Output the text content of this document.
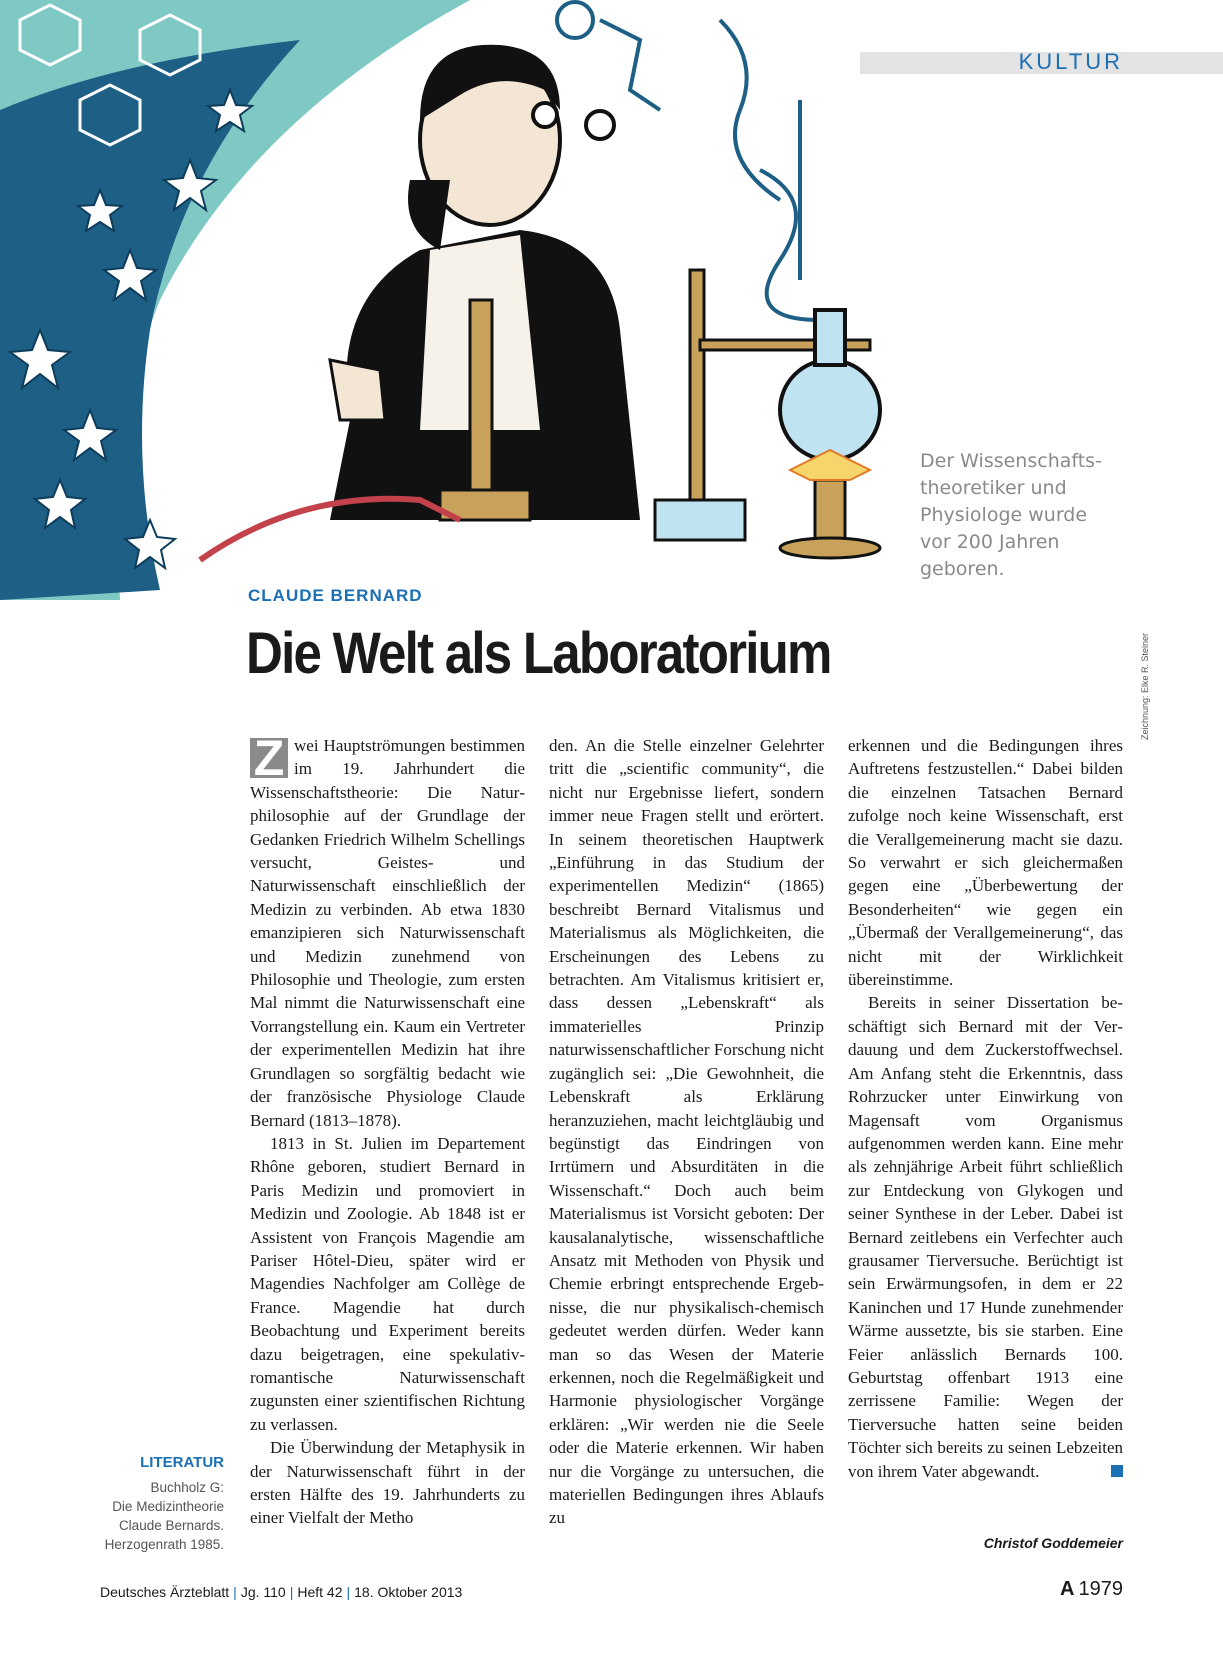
KULTUR
Der Wissenschafts-
theoretiker und
Physiologe wurde
vor 200 Jahren
geboren.
Zeichnung: Elke R. Steiner
CLAUDE BERNARD
Die Welt als Laboratorium

Z
wei Hauptströmungen bestimmen im 19. Jahrhundert die Wissenschaftstheorie: Die Naturphilosophie auf der Grundlage der Gedanken Friedrich Wilhelm Schellings versucht, Geistes- und Naturwissenschaft einschließlich der Medizin zu verbinden. Ab etwa 1830 emanzipieren sich Naturwissenschaft und Medizin zunehmend von Philosophie und Theologie, zum ersten Mal nimmt die Naturwissenschaft eine Vorrangstellung ein. Kaum ein Vertreter der experimentellen Medizin hat ihre Grundlagen so sorgfältig bedacht wie der französische Physiologe Claude Bernard (1813–1878).

1813 in St. Julien im Departement Rhône geboren, studiert Bernard in Paris Medizin und promoviert in Medizin und Zoologie. Ab 1848 ist er Assistent von François Magendie am Pariser Hôtel-Dieu, später wird er Magendies Nachfolger am Collège de France. Magendie hat durch Beobachtung und Experiment bereits dazu beigetragen, eine spekulativ-romantische Naturwissenschaft zugunsten einer szientifischen Richtung zu verlassen.

Die Überwindung der Metaphysik in der Naturwissenschaft führt in der ersten Hälfte des 19. Jahrhunderts zu einer Vielfalt der Metho

den. An die Stelle einzelner Gelehrter tritt die „scientific community“, die nicht nur Ergebnisse liefert, sondern immer neue Fragen stellt und erörtert. In seinem theoretischen Hauptwerk „Einführung in das Studium der experimentellen Medizin“ (1865) beschreibt Bernard Vitalismus und Materialismus als Möglichkeiten, die Erscheinungen des Lebens zu betrachten. Am Vitalismus kritisiert er, dass dessen „Lebenskraft“ als immaterielles Prinzip naturwissenschaftlicher Forschung nicht zugänglich sei: „Die Gewohnheit, die Lebenskraft als Erklärung heranzuziehen, macht leichtgläubig und begünstigt das Eindringen von Irrtümern und Absurditäten in die Wissenschaft.“ Doch auch beim Materialismus ist Vorsicht geboten: Der kausalanalytische, wissenschaftliche Ansatz mit Methoden von Physik und Chemie erbringt entsprechende Ergebnisse, die nur physikalisch-chemisch gedeutet werden dürfen. Weder kann man so das Wesen der Materie erkennen, noch die Regelmäßigkeit und Harmonie physiologischer Vorgänge erklären: „Wir werden nie die Seele oder die Materie erkennen. Wir haben nur die Vorgänge zu untersuchen, die materiellen Bedingungen ihres Ablaufs zu

erkennen und die Bedingungen ihres Auftretens festzustellen.“ Dabei bilden die einzelnen Tatsachen Bernard zufolge noch keine Wissenschaft, erst die Verallgemeinerung macht sie dazu. So verwahrt er sich gleichermaßen gegen eine „Überbewertung der Besonderheiten“ wie gegen ein „Übermaß der Verallgemeinerung“, das nicht mit der Wirklichkeit übereinstimme.

Bereits in seiner Dissertation beschäftigt sich Bernard mit der Verdauung und dem Zuckerstoffwechsel. Am Anfang steht die Erkenntnis, dass Rohrzucker unter Einwirkung von Magensaft vom Organismus aufgenommen werden kann. Eine mehr als zehnjährige Arbeit führt schließlich zur Entdeckung von Glykogen und seiner Synthese in der Leber. Dabei ist Bernard zeitlebens ein Verfechter auch grausamer Tierversuche. Berüchtigt ist sein Erwärmungsofen, in dem er 22 Kaninchen und 17 Hunde zunehmender Wärme aussetzte, bis sie starben. Eine Feier anlässlich Bernards 100. Geburtstag offenbart 1913 eine zerrissene Familie: Wegen der Tierversuche hatten seine beiden Töchter sich bereits zu seinen Lebzeiten von ihrem Vater abgewandt.

Christof Goddemeier
LITERATUR
Buchholz G:
Die Medizintheorie
Claude Bernards.
Herzogenrath 1985.
Deutsches Ärzteblatt | Jg. 110 | Heft 42 | 18. Oktober 2013	A 1979
